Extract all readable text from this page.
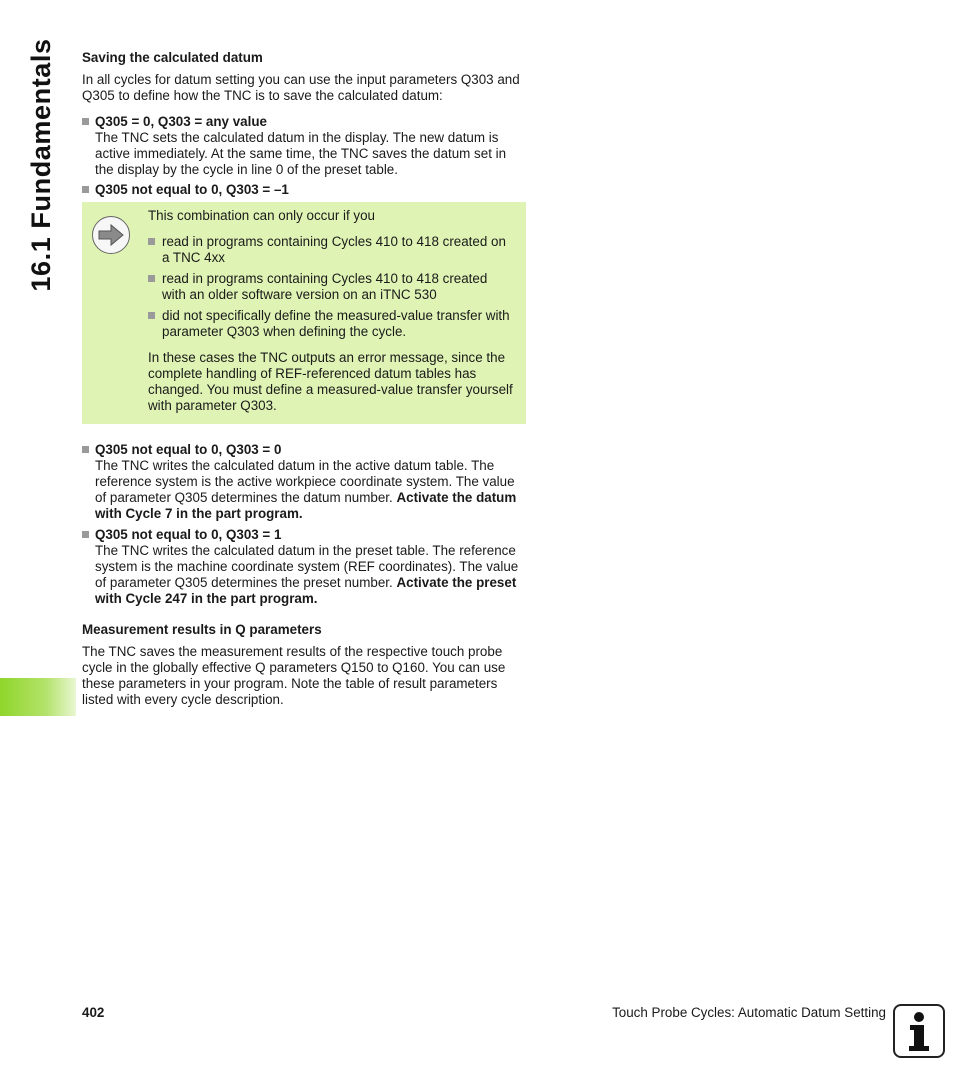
16.1 Fundamentals Saving the calculated datum

In all cycles for datum setting you can use the input parameters Q303 and Q305 to define how the TNC is to save the calculated datum:

Q305 = 0, Q303 = any value
The TNC sets the calculated datum in the display. The new datum is active immediately. At the same time, the TNC saves the datum set in the display by the cycle in line 0 of the preset table.
Q305 not equal to 0, Q303 = –1

This combination can only occur if you

read in programs containing Cycles 410 to 418 created on a TNC 4xx
read in programs containing Cycles 410 to 418 created with an older software version on an iTNC 530
did not specifically define the measured-value transfer with parameter Q303 when defining the cycle.

In these cases the TNC outputs an error message, since the complete handling of REF-referenced datum tables has changed. You must define a measured-value transfer yourself with parameter Q303.

Q305 not equal to 0, Q303 = 0
The TNC writes the calculated datum in the active datum table. The reference system is the active workpiece coordinate system. The value of parameter Q305 determines the datum number. Activate the datum with Cycle 7 in the part program.
Q305 not equal to 0, Q303 = 1
The TNC writes the calculated datum in the preset table. The reference system is the machine coordinate system (REF coordinates). The value of parameter Q305 determines the preset number. Activate the preset with Cycle 247 in the part program.

Measurement results in Q parameters

The TNC saves the measurement results of the respective touch probe cycle in the globally effective Q parameters Q150 to Q160. You can use these parameters in your program. Note the table of result parameters listed with every cycle description.

402	Touch Probe Cycles: Automatic Datum Setting
